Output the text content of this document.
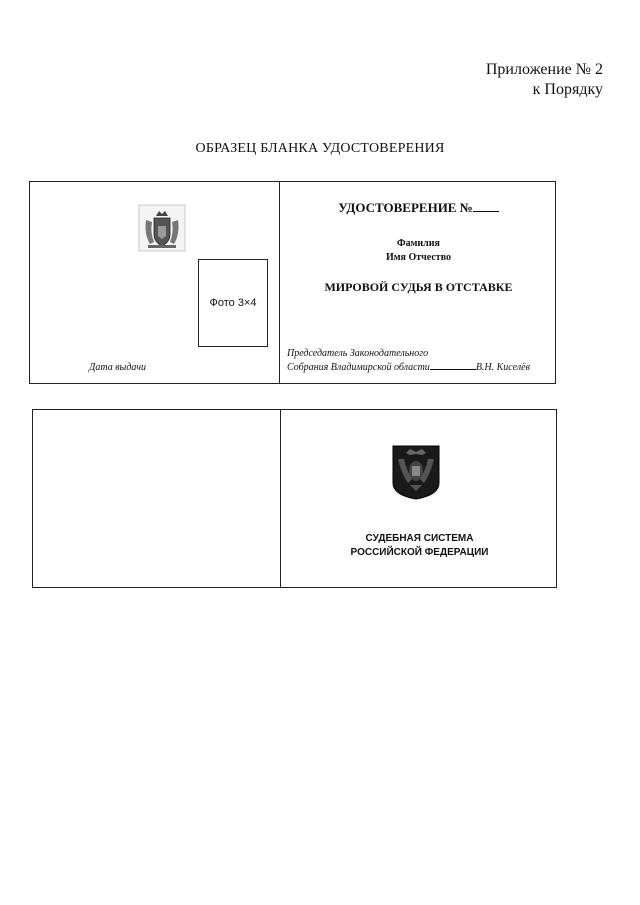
Приложение № 2
к Порядку
ОБРАЗЕЦ БЛАНКА УДОСТОВЕРЕНИЯ
Фото 3×4
Дата выдачи
УДОСТОВЕРЕНИЕ №
Фамилия
Имя Отчество
МИРОВОЙ СУДЬЯ В ОТСТАВКЕ
Председатель Законодательного
Собрания Владимирской области	В.Н. Киселёв
СУДЕБНАЯ СИСТЕМА
РОССИЙСКОЙ ФЕДЕРАЦИИ
